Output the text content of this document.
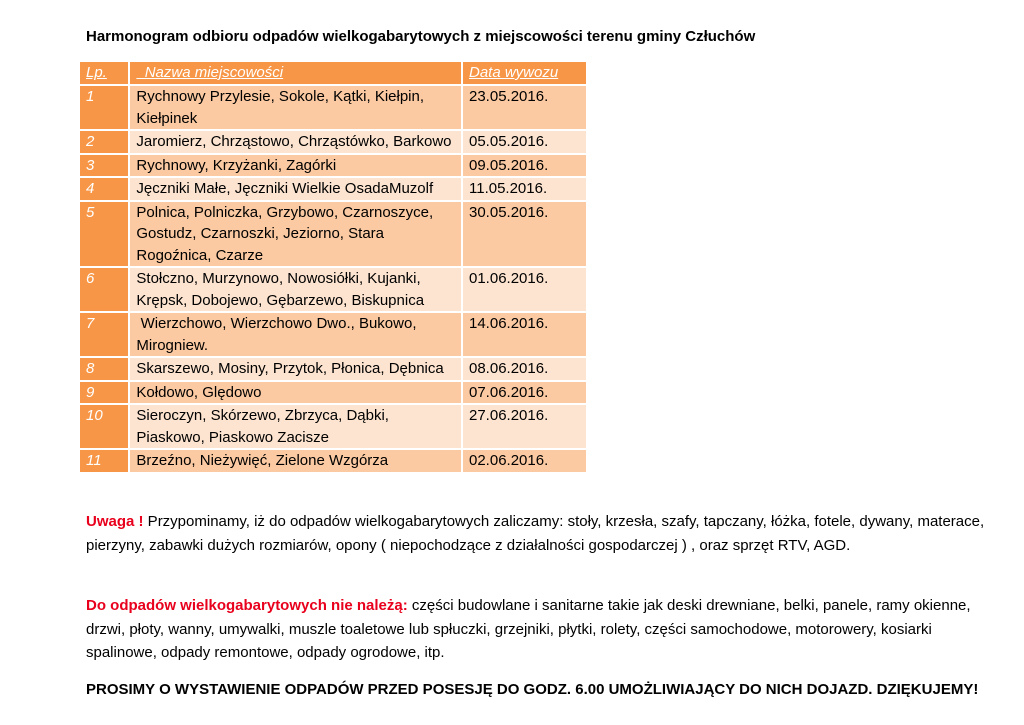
Harmonogram odbioru odpadów wielkogabarytowych z miejscowości terenu gminy Człuchów
Lp.	Nazwa miejscowości	Data wywozu
1	Rychnowy Przylesie, Sokole, Kątki, Kiełpin, Kiełpinek	23.05.2016.
2	Jaromierz, Chrząstowo, Chrząstówko, Barkowo	05.05.2016.
3	Rychnowy, Krzyżanki, Zagórki	09.05.2016.
4	Jęczniki Małe, Jęczniki Wielkie OsadaMuzolf	11.05.2016.
5	Polnica, Polniczka, Grzybowo, Czarnoszyce, Gostudz, Czarnoszki, Jeziorno, Stara Rogoźnica, Czarze	30.05.2016.
6	Stołczno, Murzynowo, Nowosiółki, Kujanki, Krępsk, Dobojewo, Gębarzewo, Biskupnica	01.06.2016.
7	Wierzchowo, Wierzchowo Dwo., Bukowo, Mirogniew.	14.06.2016.
8	Skarszewo, Mosiny, Przytok, Płonica, Dębnica	08.06.2016.
9	Kołdowo, Ględowo	07.06.2016.
10	Sieroczyn, Skórzewo, Zbrzyca, Dąbki, Piaskowo, Piaskowo Zacisze	27.06.2016.
11	Brzeźno, Nieżywięć, Zielone Wzgórza	02.06.2016.
Uwaga ! Przypominamy, iż do odpadów wielkogabarytowych zaliczamy: stoły, krzesła, szafy, tapczany, łóżka, fotele, dywany, materace, pierzyny, zabawki dużych rozmiarów, opony ( niepochodzące z działalności gospodarczej ) , oraz sprzęt RTV, AGD.
Do odpadów wielkogabarytowych nie należą: części budowlane i sanitarne takie jak deski drewniane, belki, panele, ramy okienne, drzwi, płoty, wanny, umywalki, muszle toaletowe lub spłuczki, grzejniki, płytki, rolety, części samochodowe, motorowery, kosiarki spalinowe, odpady remontowe, odpady ogrodowe, itp.
PROSIMY O WYSTAWIENIE ODPADÓW PRZED POSESJĘ DO GODZ. 6.00 UMOŻLIWIAJĄCY DO NICH DOJAZD. DZIĘKUJEMY!
